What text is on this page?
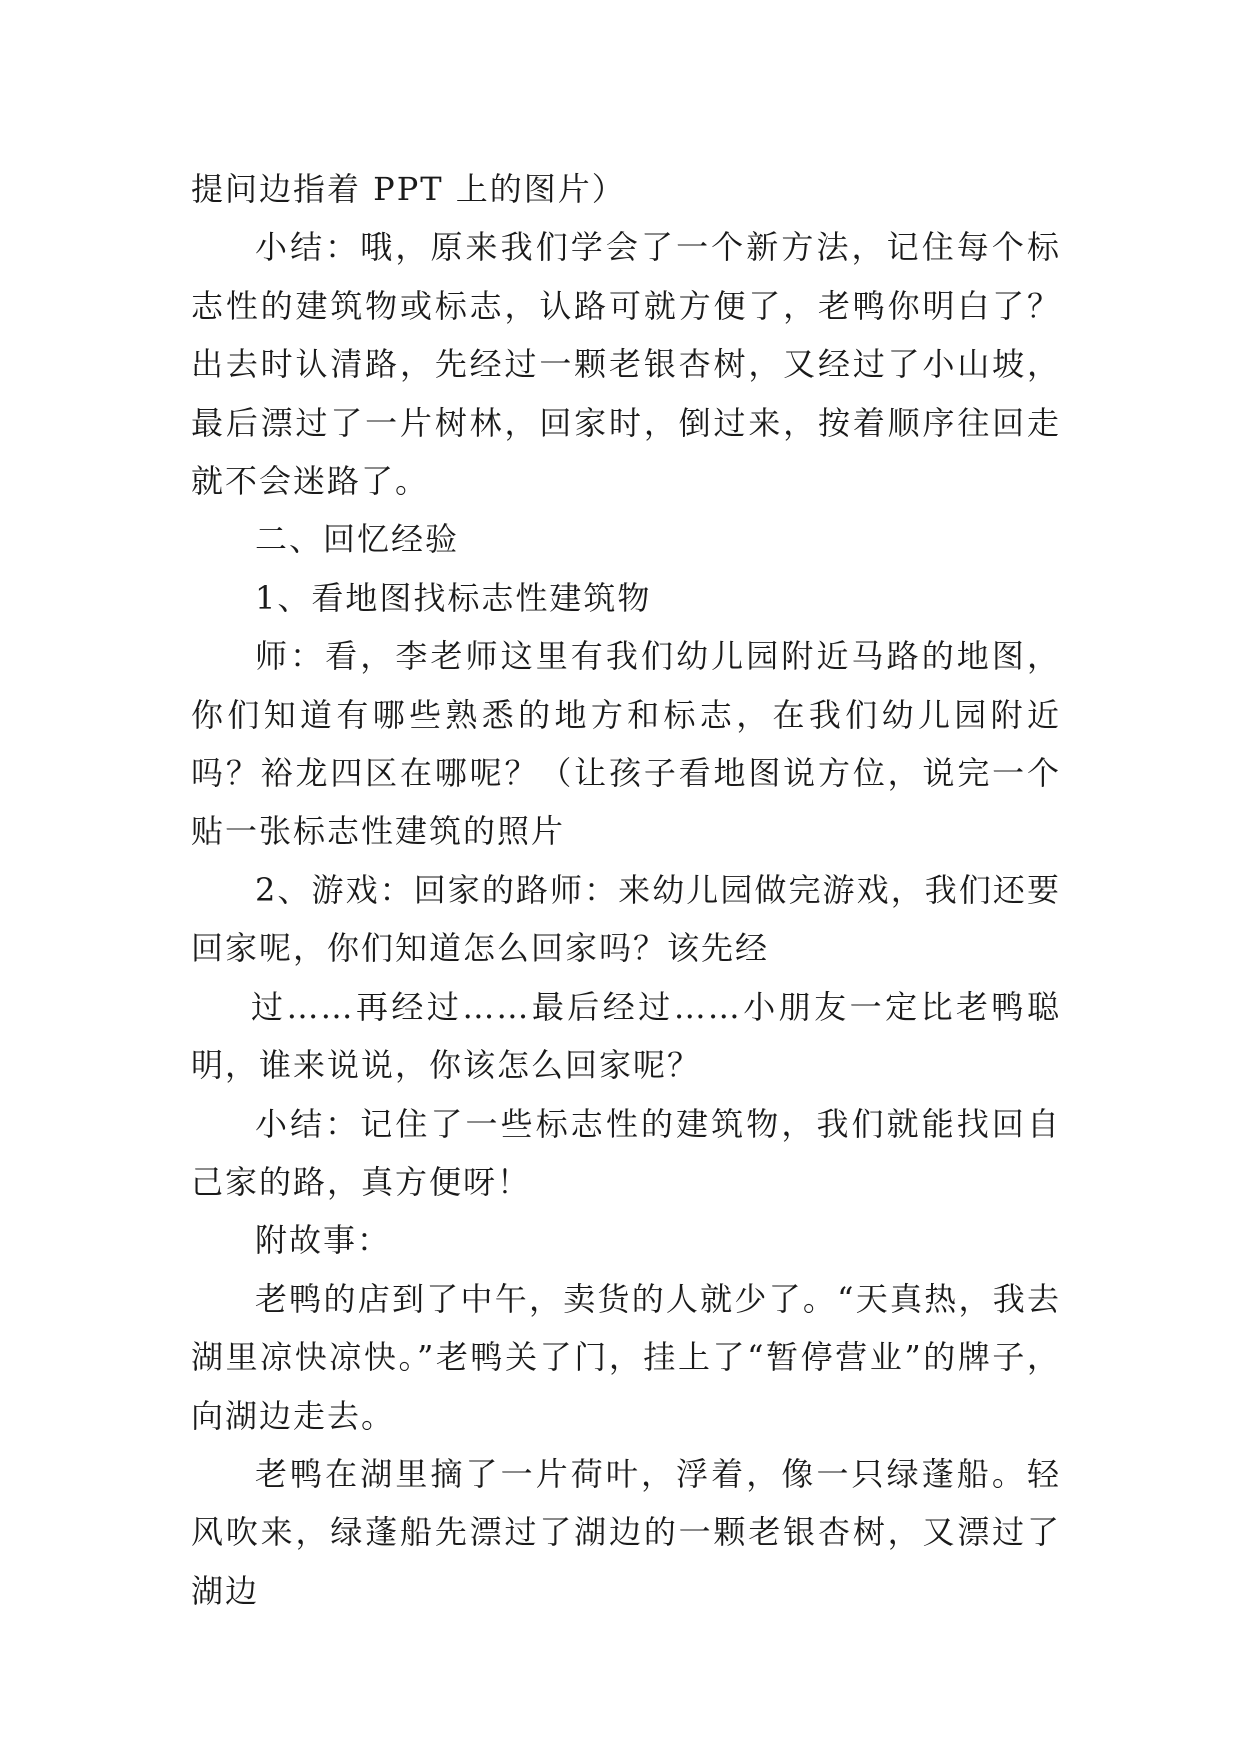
提问边指着 PPT 上的图片）

小结：哦，原来我们学会了一个新方法，记住每个标志性的建筑物或标志，认路可就方便了，老鸭你明白了？出去时认清路，先经过一颗老银杏树，又经过了小山坡，最后漂过了一片树林，回家时，倒过来，按着顺序往回走就不会迷路了。

二、回忆经验

1、看地图找标志性建筑物

师：看，李老师这里有我们幼儿园附近马路的地图，你们知道有哪些熟悉的地方和标志，在我们幼儿园附近吗？裕龙四区在哪呢？（让孩子看地图说方位，说完一个贴一张标志性建筑的照片

2、游戏：回家的路师：来幼儿园做完游戏，我们还要回家呢，你们知道怎么回家吗？该先经

过……再经过……最后经过……小朋友一定比老鸭聪明，谁来说说，你该怎么回家呢？

小结：记住了一些标志性的建筑物，我们就能找回自己家的路，真方便呀！

附故事：

老鸭的店到了中午，卖货的人就少了。“天真热，我去湖里凉快凉快。”老鸭关了门，挂上了“暂停营业”的牌子，向湖边走去。

老鸭在湖里摘了一片荷叶，浮着，像一只绿蓬船。轻风吹来，绿蓬船先漂过了湖边的一颗老银杏树，又漂过了湖边
